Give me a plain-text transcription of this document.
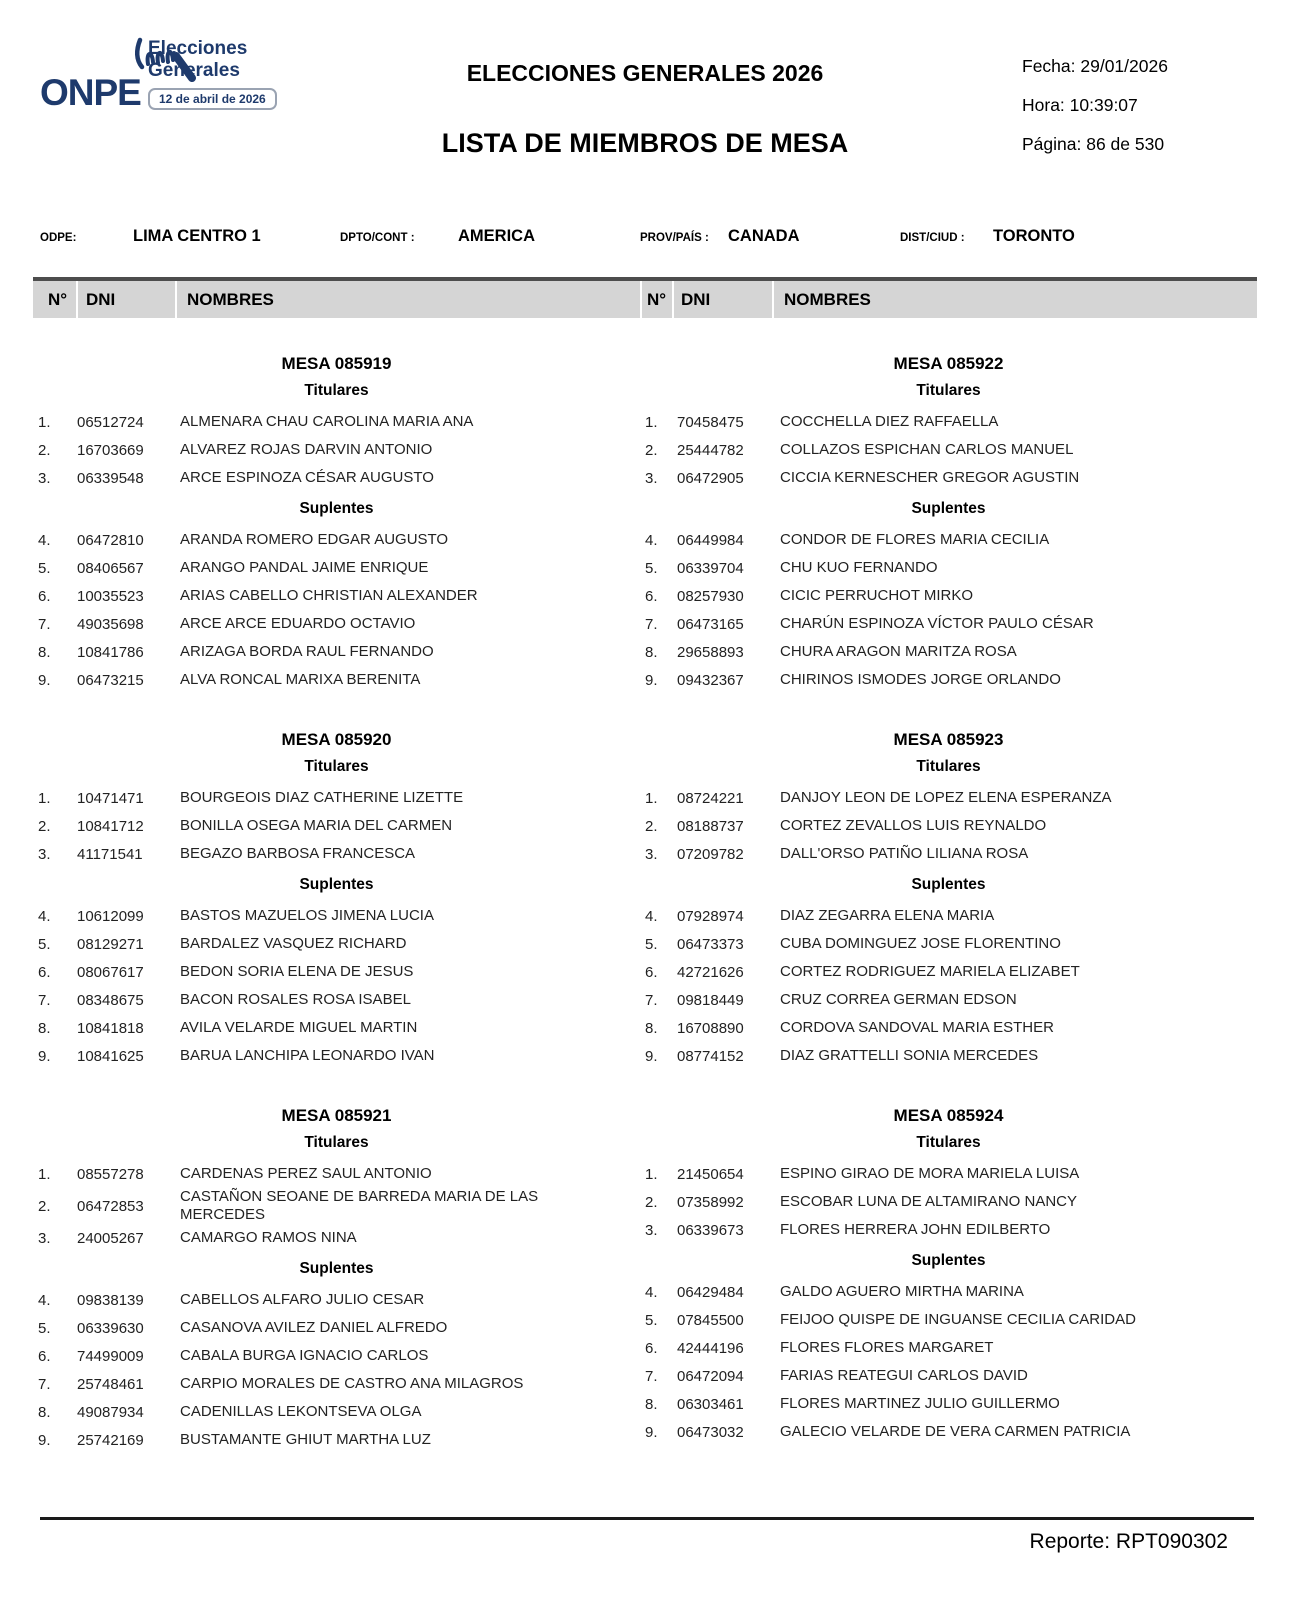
ONPE
Elecciones
Generales
12 de abril de 2026
ELECCIONES GENERALES 2026
LISTA DE MIEMBROS DE MESA
Fecha: 29/01/2026
Hora: 10:39:07
Página: 86 de 530
ODPE:	LIMA CENTRO 1	DPTO/CONT :	AMERICA	PROV/PAÍS :	CANADA	DIST/CIUD :	TORONTO
N°	DNI	NOMBRES	N° DNI	NOMBRES
MESA 085919
Titulares
1.	06512724	ALMENARA CHAU CAROLINA MARIA ANA
2.	16703669	ALVAREZ ROJAS DARVIN ANTONIO
3.	06339548	ARCE ESPINOZA CÉSAR AUGUSTO
Suplentes
4.	06472810	ARANDA ROMERO EDGAR AUGUSTO
5.	08406567	ARANGO PANDAL JAIME ENRIQUE
6.	10035523	ARIAS CABELLO CHRISTIAN ALEXANDER
7.	49035698	ARCE ARCE EDUARDO OCTAVIO
8.	10841786	ARIZAGA BORDA RAUL FERNANDO
9.	06473215	ALVA RONCAL MARIXA BERENITA
MESA 085920
Titulares
1.	10471471	BOURGEOIS DIAZ CATHERINE LIZETTE
2.	10841712	BONILLA OSEGA MARIA DEL CARMEN
3.	41171541	BEGAZO BARBOSA FRANCESCA
Suplentes
4.	10612099	BASTOS MAZUELOS JIMENA LUCIA
5.	08129271	BARDALEZ VASQUEZ RICHARD
6.	08067617	BEDON SORIA ELENA DE JESUS
7.	08348675	BACON ROSALES ROSA ISABEL
8.	10841818	AVILA VELARDE MIGUEL MARTIN
9.	10841625	BARUA LANCHIPA LEONARDO IVAN
MESA 085921
Titulares
1.	08557278	CARDENAS PEREZ SAUL ANTONIO
2.	06472853
CASTAÑON SEOANE DE BARREDA MARIA DE LAS MERCEDES
3.	24005267	CAMARGO RAMOS NINA
Suplentes
4.	09838139	CABELLOS ALFARO JULIO CESAR
5.	06339630	CASANOVA AVILEZ DANIEL ALFREDO
6.	74499009	CABALA BURGA IGNACIO CARLOS
7.	25748461	CARPIO MORALES DE CASTRO ANA MILAGROS
8.	49087934	CADENILLAS LEKONTSEVA OLGA
9.	25742169	BUSTAMANTE GHIUT MARTHA LUZ
MESA 085922
Titulares
1.	70458475	COCCHELLA DIEZ RAFFAELLA
2.	25444782	COLLAZOS ESPICHAN CARLOS MANUEL
3.	06472905	CICCIA KERNESCHER GREGOR AGUSTIN
Suplentes
4.	06449984	CONDOR DE FLORES MARIA CECILIA
5.	06339704	CHU KUO FERNANDO
6.	08257930	CICIC PERRUCHOT MIRKO
7.	06473165	CHARÚN ESPINOZA VÍCTOR PAULO CÉSAR
8.	29658893	CHURA ARAGON MARITZA ROSA
9.	09432367	CHIRINOS ISMODES JORGE ORLANDO
MESA 085923
Titulares
1.	08724221	DANJOY LEON DE LOPEZ ELENA ESPERANZA
2.	08188737	CORTEZ ZEVALLOS LUIS REYNALDO
3.	07209782	DALL'ORSO PATIÑO LILIANA ROSA
Suplentes
4.	07928974	DIAZ ZEGARRA ELENA MARIA
5.	06473373	CUBA DOMINGUEZ JOSE FLORENTINO
6.	42721626	CORTEZ RODRIGUEZ MARIELA ELIZABET
7.	09818449	CRUZ CORREA GERMAN EDSON
8.	16708890	CORDOVA SANDOVAL MARIA ESTHER
9.	08774152	DIAZ GRATTELLI SONIA MERCEDES
MESA 085924
Titulares
1.	21450654	ESPINO GIRAO DE MORA MARIELA LUISA
2.	07358992	ESCOBAR LUNA DE ALTAMIRANO NANCY
3.	06339673	FLORES HERRERA JOHN EDILBERTO
Suplentes
4.	06429484	GALDO AGUERO MIRTHA MARINA
5.	07845500	FEIJOO QUISPE DE INGUANSE CECILIA CARIDAD
6.	42444196	FLORES FLORES MARGARET
7.	06472094	FARIAS REATEGUI CARLOS DAVID
8.	06303461	FLORES MARTINEZ JULIO GUILLERMO
9.	06473032	GALECIO VELARDE DE VERA CARMEN PATRICIA
Reporte: RPT090302
